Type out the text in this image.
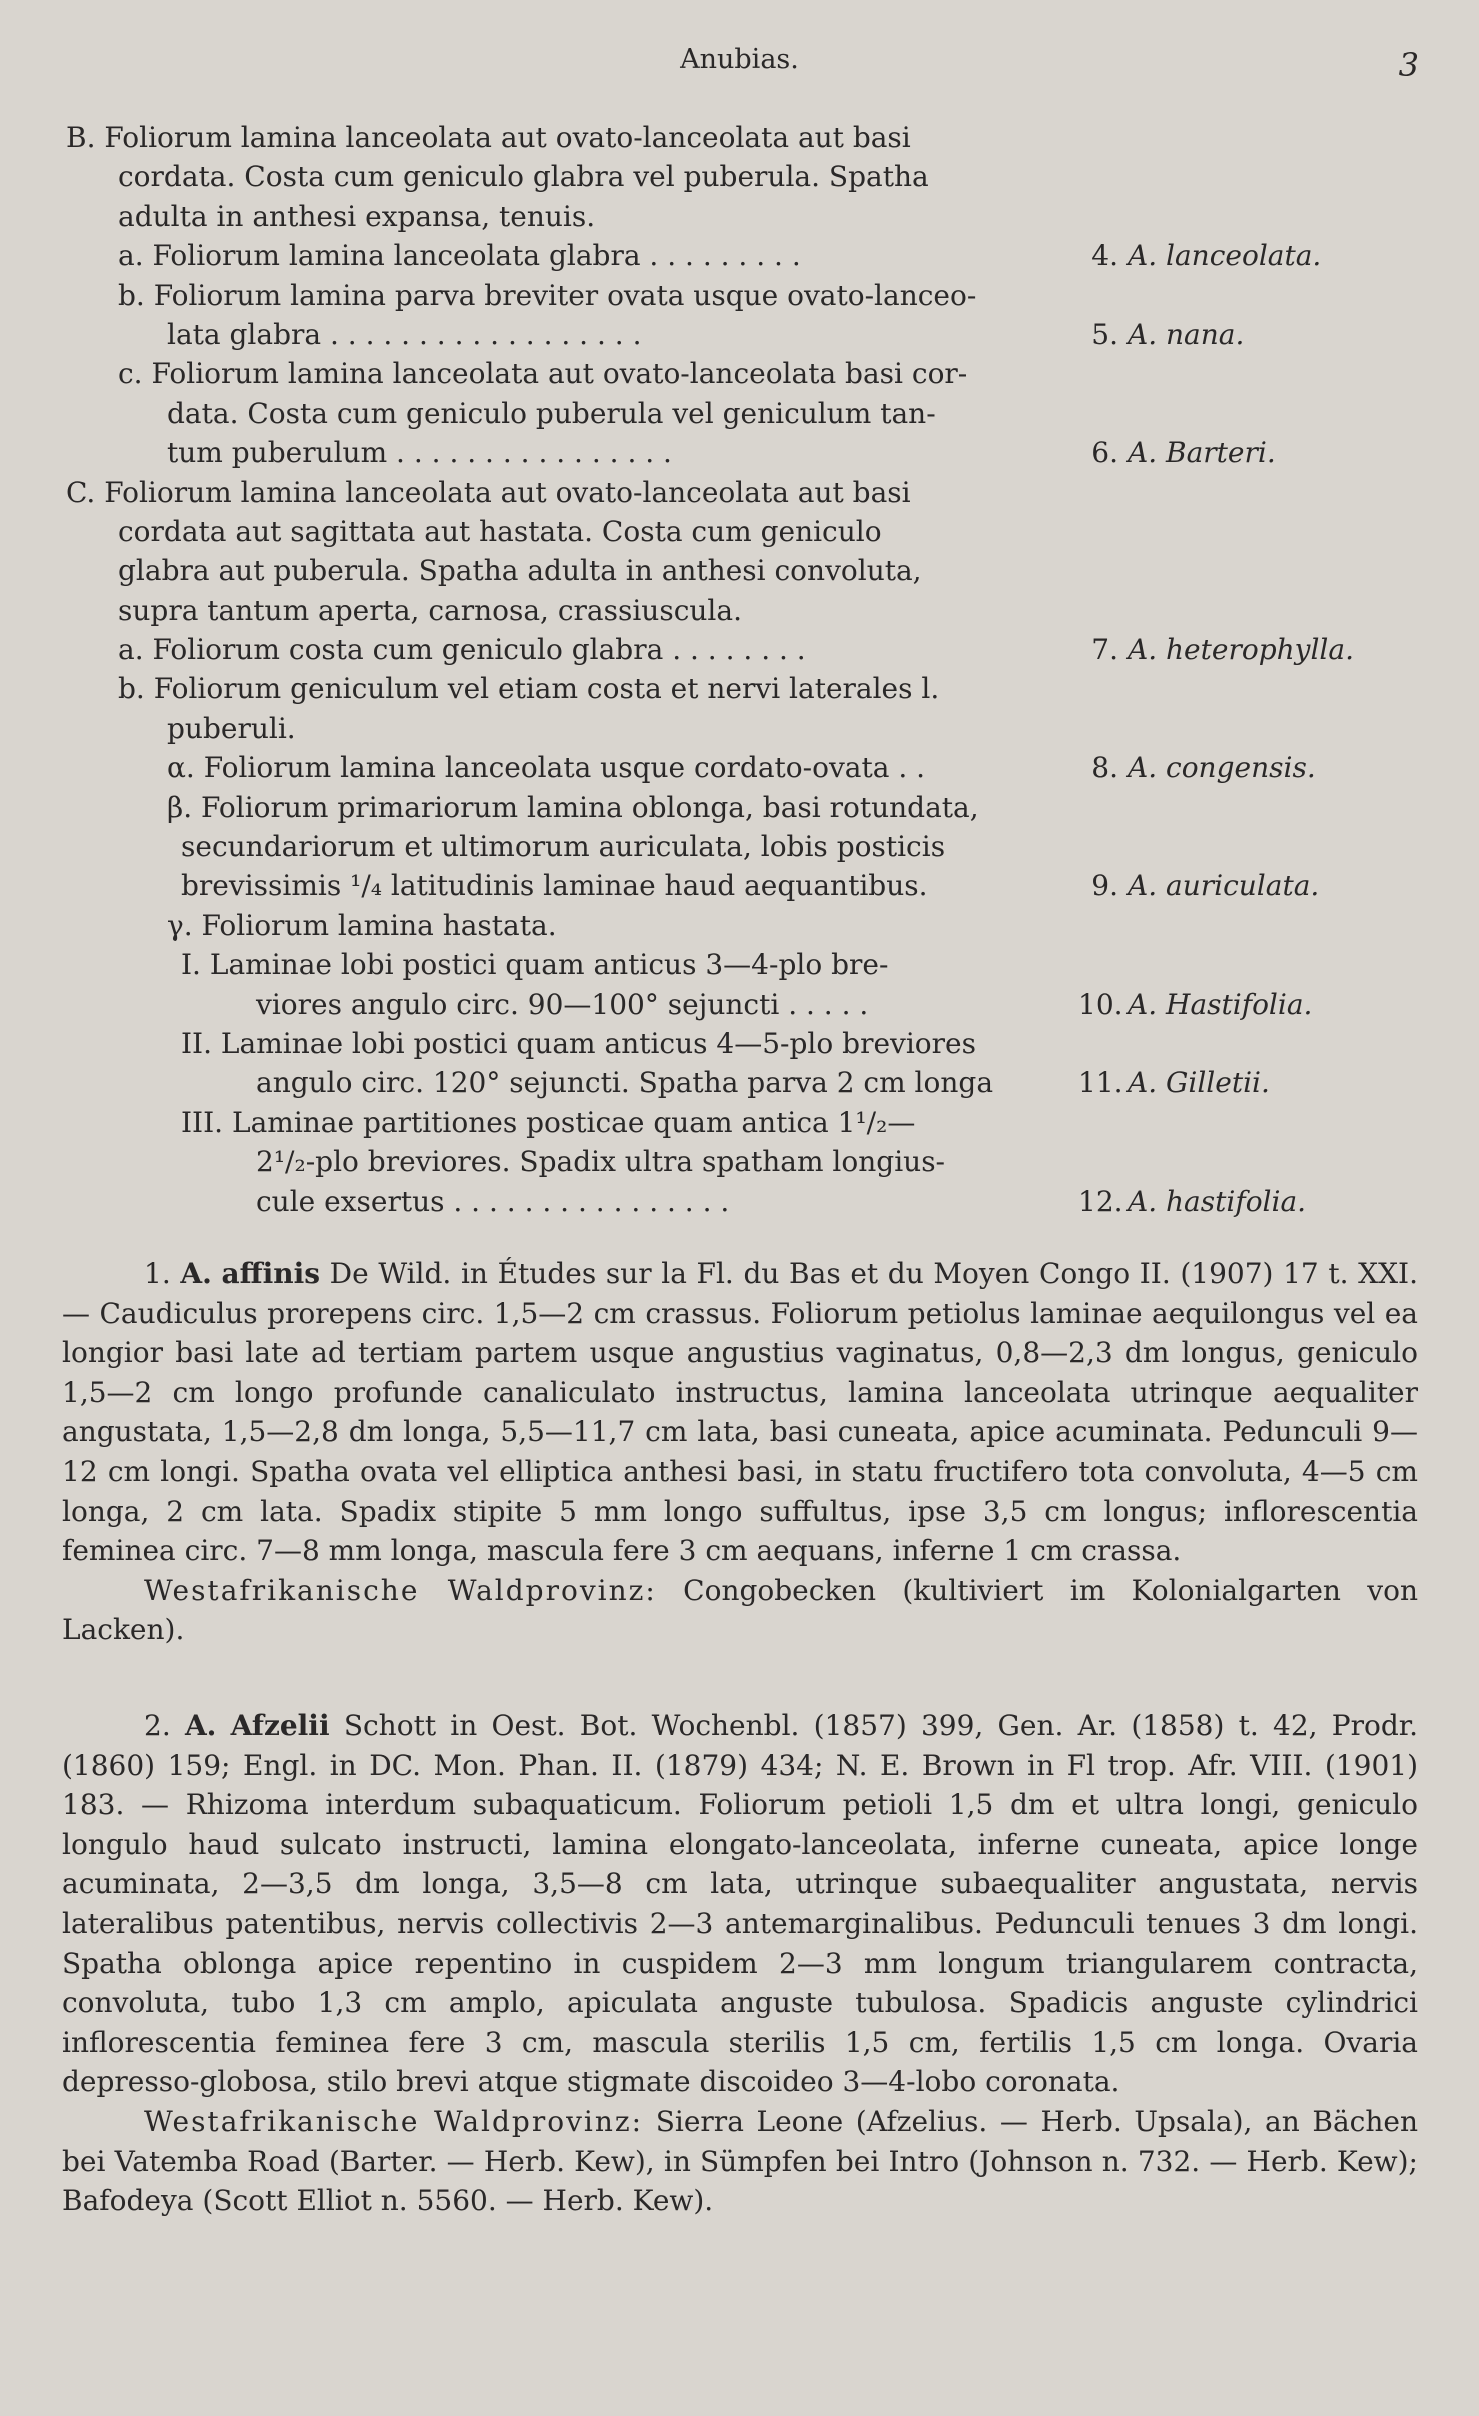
Anubias.	3
B. Foliorum lamina lanceolata aut ovato-lanceolata aut basi
cordata. Costa cum geniculo glabra vel puberula. Spatha
adulta in anthesi expansa, tenuis.
a. Foliorum lamina lanceolata glabra . . . . . . . . .	4. A. lanceolata.
b. Foliorum lamina parva breviter ovata usque ovato-lanceo-
lata glabra . . . . . . . . . . . . . . . . . .	5. A. nana.
c. Foliorum lamina lanceolata aut ovato-lanceolata basi cor-
data. Costa cum geniculo puberula vel geniculum tan-
tum puberulum . . . . . . . . . . . . . . . .	6. A. Barteri.
C. Foliorum lamina lanceolata aut ovato-lanceolata aut basi
cordata aut sagittata aut hastata. Costa cum geniculo
glabra aut puberula. Spatha adulta in anthesi convoluta,
supra tantum aperta, carnosa, crassiuscula.
a. Foliorum costa cum geniculo glabra . . . . . . . .	7. A. heterophylla.
b. Foliorum geniculum vel etiam costa et nervi laterales l.
puberuli.
α. Foliorum lamina lanceolata usque cordato-ovata . .	8. A. congensis.
β. Foliorum primariorum lamina oblonga, basi rotundata,
secundariorum et ultimorum auriculata, lobis posticis
brevissimis ¹/₄ latitudinis laminae haud aequantibus.	9. A. auriculata.
γ. Foliorum lamina hastata.
I. Laminae lobi postici quam anticus 3—4-plo bre-
viores angulo circ. 90—100° sejuncti . . . . .	10. A. Hastifolia.
II. Laminae lobi postici quam anticus 4—5-plo breviores
angulo circ. 120° sejuncti. Spatha parva 2 cm longa	11. A. Gilletii.
III. Laminae partitiones posticae quam antica 1¹/₂—
2¹/₂-plo breviores. Spadix ultra spatham longius-
cule exsertus . . . . . . . . . . . . . . . .	12. A. hastifolia.

1. A. affinis De Wild. in Études sur la Fl. du Bas et du Moyen Congo II. (1907) 17 t. XXI. — Caudiculus prorepens circ. 1,5—2 cm crassus. Foliorum petiolus laminae aequilongus vel ea longior basi late ad tertiam partem usque angustius vaginatus, 0,8—2,3 dm longus, geniculo 1,5—2 cm longo profunde canaliculato instructus, lamina lanceolata utrinque aequaliter angustata, 1,5—2,8 dm longa, 5,5—11,7 cm lata, basi cuneata, apice acuminata. Pedunculi 9—12 cm longi. Spatha ovata vel elliptica anthesi basi, in statu fructifero tota convoluta, 4—5 cm longa, 2 cm lata. Spadix stipite 5 mm longo suffultus, ipse 3,5 cm longus; inflorescentia feminea circ. 7—8 mm longa, mascula fere 3 cm aequans, inferne 1 cm crassa.

Westafrikanische Waldprovinz: Congobecken (kultiviert im Kolonialgarten von Lacken).

2. A. Afzelii Schott in Oest. Bot. Wochenbl. (1857) 399, Gen. Ar. (1858) t. 42, Prodr. (1860) 159; Engl. in DC. Mon. Phan. II. (1879) 434; N. E. Brown in Fl trop. Afr. VIII. (1901) 183. — Rhizoma interdum subaquaticum. Foliorum petioli 1,5 dm et ultra longi, geniculo longulo haud sulcato instructi, lamina elongato-lanceolata, inferne cuneata, apice longe acuminata, 2—3,5 dm longa, 3,5—8 cm lata, utrinque subaequaliter angustata, nervis lateralibus patentibus, nervis collectivis 2—3 antemarginalibus. Pedunculi tenues 3 dm longi. Spatha oblonga apice repentino in cuspidem 2—3 mm longum triangularem contracta, convoluta, tubo 1,3 cm amplo, apiculata anguste tubulosa. Spadicis anguste cylindrici inflorescentia feminea fere 3 cm, mascula sterilis 1,5 cm, fertilis 1,5 cm longa. Ovaria depresso-globosa, stilo brevi atque stigmate discoideo 3—4-lobo coronata.

Westafrikanische Waldprovinz: Sierra Leone (Afzelius. — Herb. Upsala), an Bächen bei Vatemba Road (Barter. — Herb. Kew), in Sümpfen bei Intro (Johnson n. 732. — Herb. Kew); Bafodeya (Scott Elliot n. 5560. — Herb. Kew).
